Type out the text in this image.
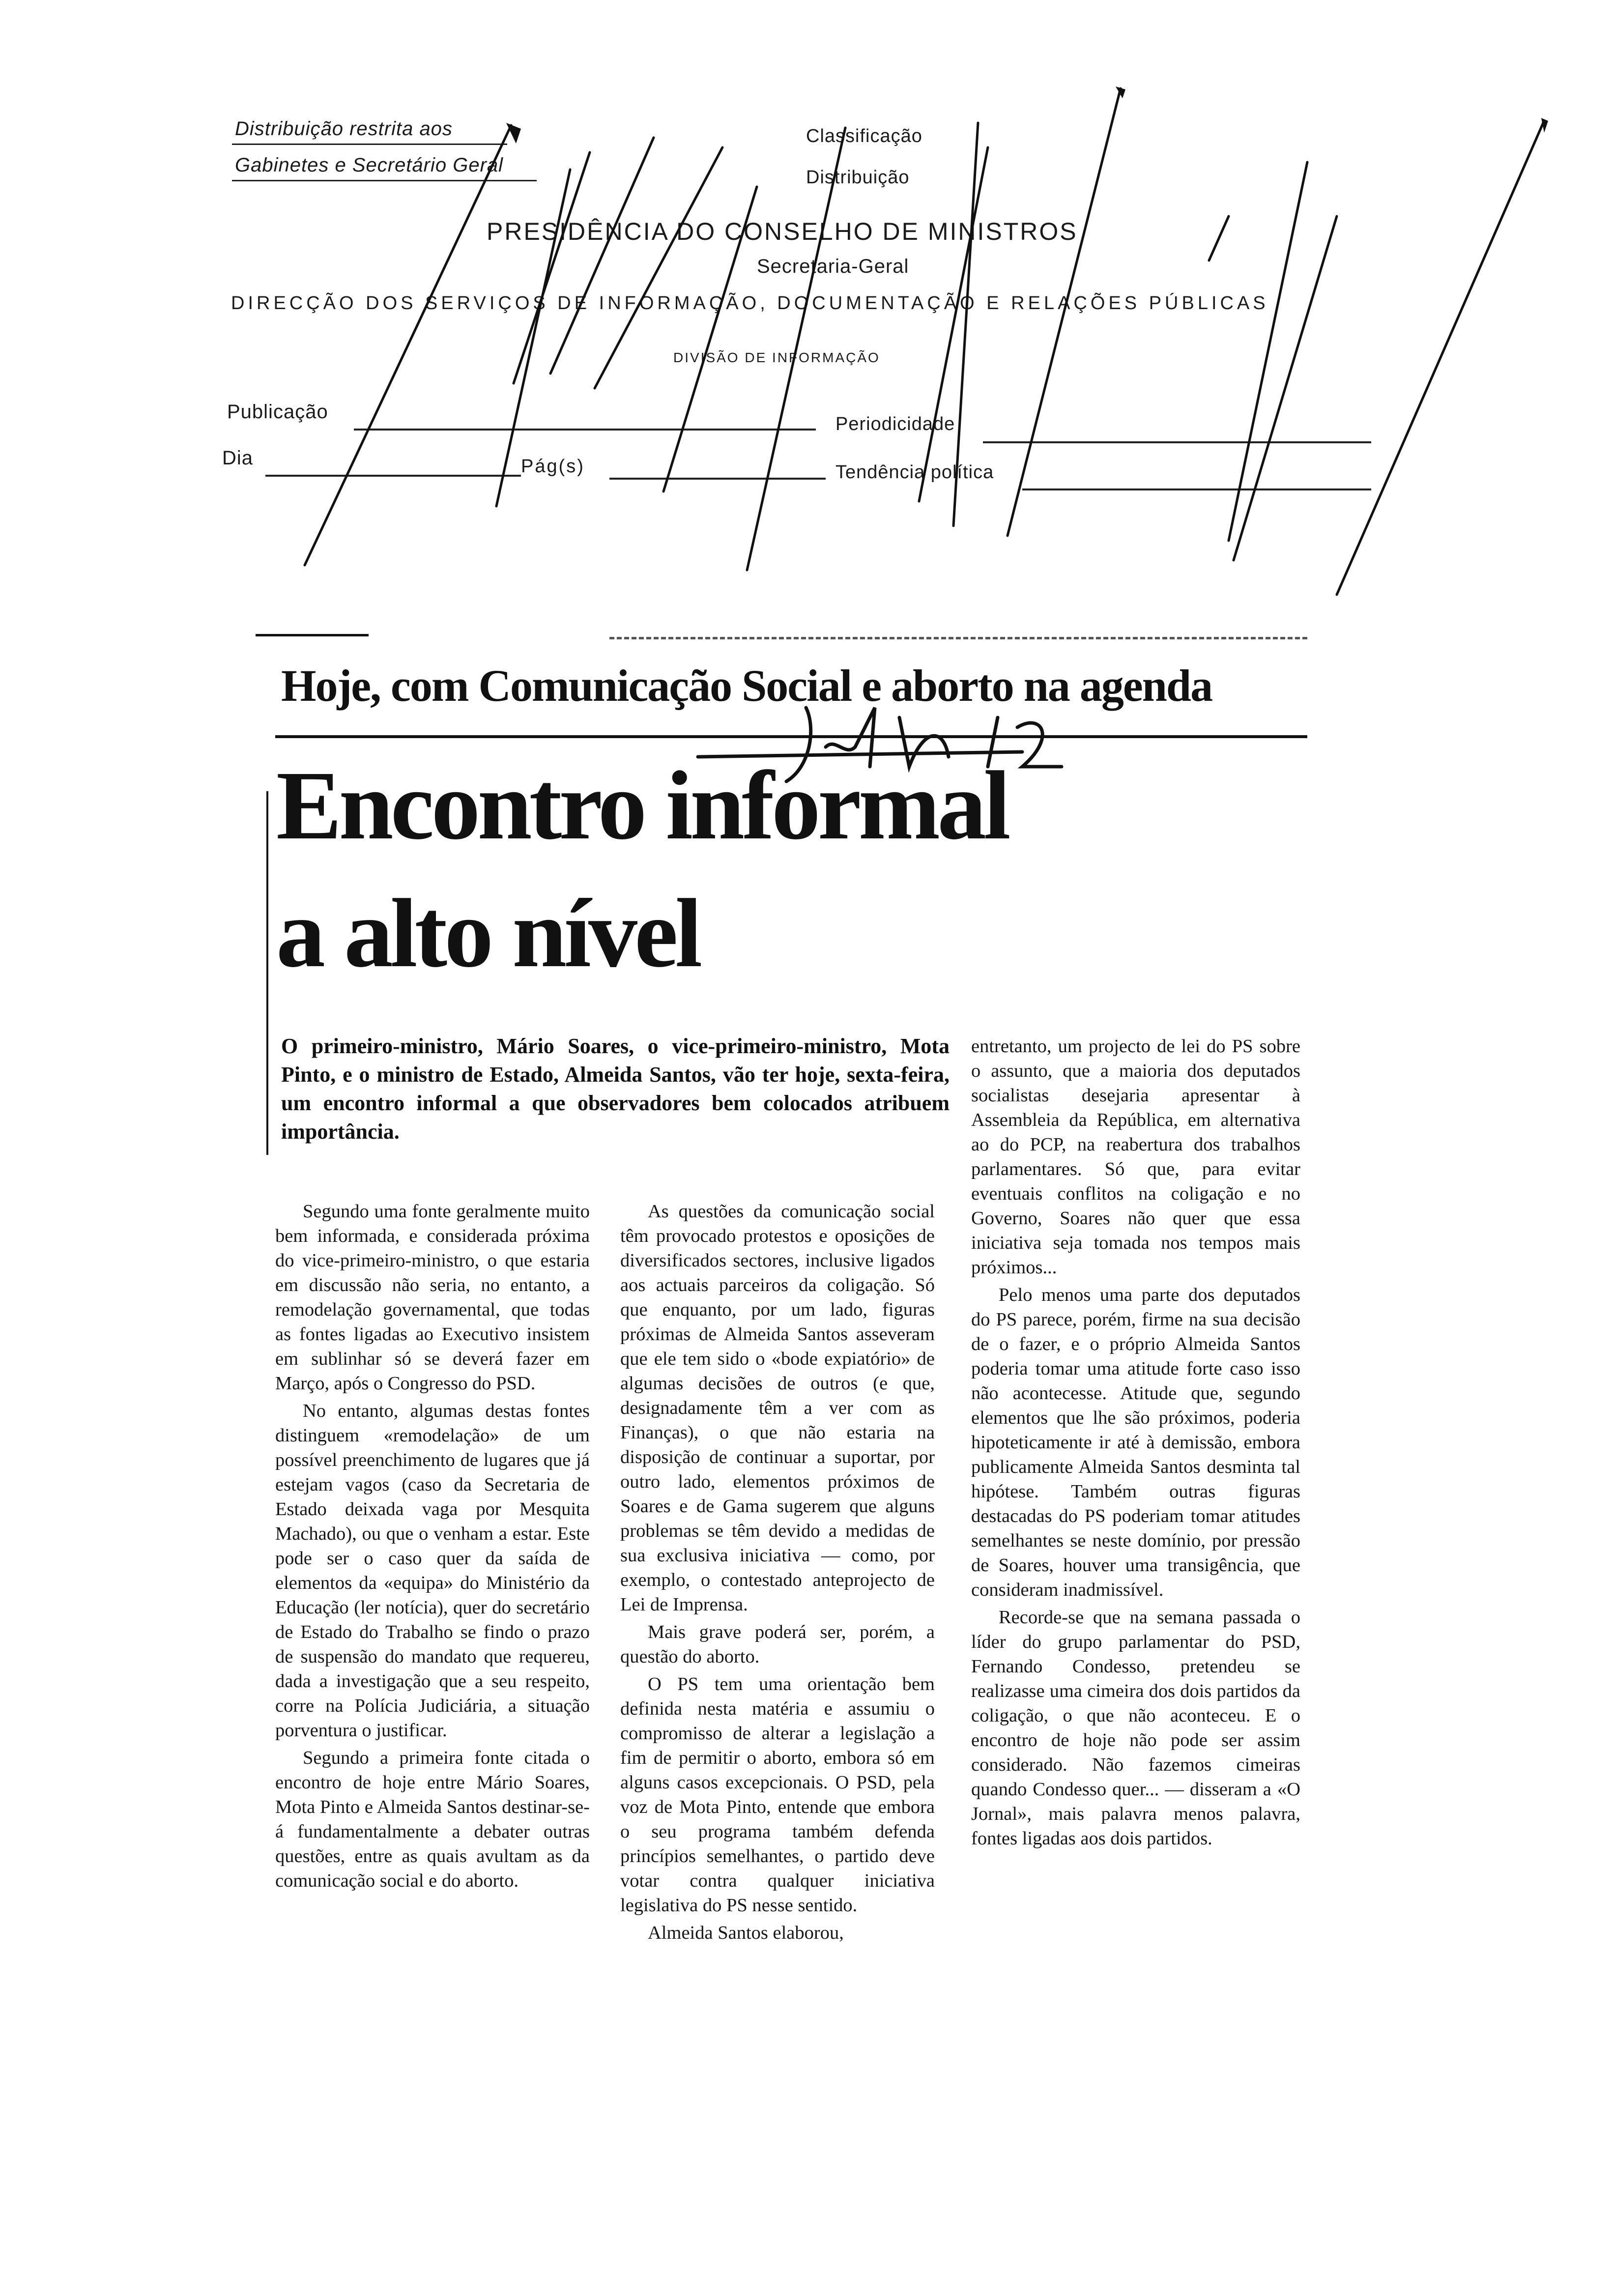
Distribuição restrita aos
Gabinetes e Secretário Geral
Classificação
Distribuição
PRESIDÊNCIA DO CONSELHO DE MINISTROS
Secretaria-Geral
DIRECÇÃO DOS SERVIÇOS DE INFORMAÇÃO, DOCUMENTAÇÃO E RELAÇÕES PÚBLICAS
DIVISÃO DE INFORMAÇÃO
Publicação
Periodicidade
Dia	Pág(s)	Tendência política
Hoje, com Comunicação Social e aborto na agenda
Encontro informal
a alto nível
O primeiro-ministro, Mário Soares, o vice-primeiro-ministro, Mota Pinto, e o ministro de Estado, Almeida Santos, vão ter hoje, sexta-feira, um encontro informal a que observadores bem colocados atribuem importância.

Segundo uma fonte geralmente muito bem informada, e considerada próxima do vice-primeiro-ministro, o que estaria em discussão não seria, no entanto, a remodelação governamental, que todas as fontes ligadas ao Executivo insistem em sublinhar só se deverá fazer em Março, após o Congresso do PSD.

No entanto, algumas destas fontes distinguem «remodelação» de um possível preenchimento de lugares que já estejam vagos (caso da Secretaria de Estado deixada vaga por Mesquita Machado), ou que o venham a estar. Este pode ser o caso quer da saída de elementos da «equipa» do Ministério da Educação (ler notícia), quer do secretário de Estado do Trabalho se findo o prazo de suspensão do mandato que requereu, dada a investigação que a seu respeito, corre na Polícia Judiciária, a situação porventura o justificar.

Segundo a primeira fonte citada o encontro de hoje entre Mário Soares, Mota Pinto e Almeida Santos destinar-se-á fundamentalmente a debater outras questões, entre as quais avultam as da comunicação social e do aborto.

As questões da comunicação social têm provocado protestos e oposições de diversificados sectores, inclusive ligados aos actuais parceiros da coligação. Só que enquanto, por um lado, figuras próximas de Almeida Santos asseveram que ele tem sido o «bode expiatório» de algumas decisões de outros (e que, designadamente têm a ver com as Finanças), o que não estaria na disposição de continuar a suportar, por outro lado, elementos próximos de Soares e de Gama sugerem que alguns problemas se têm devido a medidas de sua exclusiva iniciativa — como, por exemplo, o contestado anteprojecto de Lei de Imprensa.

Mais grave poderá ser, porém, a questão do aborto.

O PS tem uma orientação bem definida nesta matéria e assumiu o compromisso de alterar a legislação a fim de permitir o aborto, embora só em alguns casos excepcionais. O PSD, pela voz de Mota Pinto, entende que embora o seu programa também defenda princípios semelhantes, o partido deve votar contra qualquer iniciativa legislativa do PS nesse sentido.

Almeida Santos elaborou,

entretanto, um projecto de lei do PS sobre o assunto, que a maioria dos deputados socialistas desejaria apresentar à Assembleia da República, em alternativa ao do PCP, na reabertura dos trabalhos parlamentares. Só que, para evitar eventuais conflitos na coligação e no Governo, Soares não quer que essa iniciativa seja tomada nos tempos mais próximos...

Pelo menos uma parte dos deputados do PS parece, porém, firme na sua decisão de o fazer, e o próprio Almeida Santos poderia tomar uma atitude forte caso isso não acontecesse. Atitude que, segundo elementos que lhe são próximos, poderia hipoteticamente ir até à demissão, embora publicamente Almeida Santos desminta tal hipótese. Também outras figuras destacadas do PS poderiam tomar atitudes semelhantes se neste domínio, por pressão de Soares, houver uma transigência, que consideram inadmissível.

Recorde-se que na semana passada o líder do grupo parlamentar do PSD, Fernando Condesso, pretendeu se realizasse uma cimeira dos dois partidos da coligação, o que não aconteceu. E o encontro de hoje não pode ser assim considerado. Não fazemos cimeiras quando Condesso quer... — disseram a «O Jornal», mais palavra menos palavra, fontes ligadas aos dois partidos.
